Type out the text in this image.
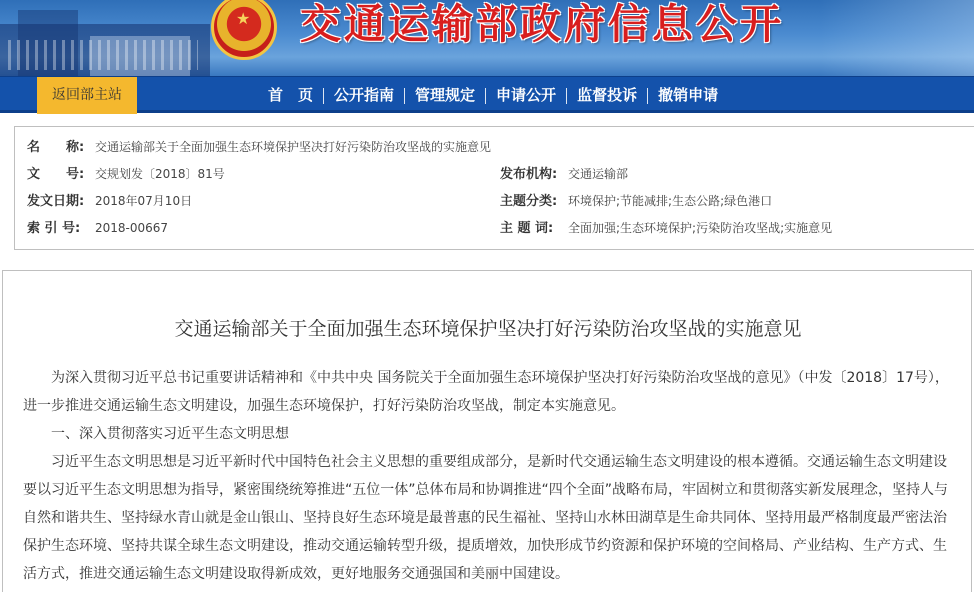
★ 交通运输部政府信息公开
返回部主站	首　页	公开指南	管理规定	申请公开	监督投诉	撤销申请
名　　称: 交通运输部关于全面加强生态环境保护坚决打好污染防治攻坚战的实施意见
文　　号: 交规划发〔2018〕81号	发布机构: 交通运输部
发文日期: 2018年07月10日	主题分类: 环境保护;节能减排;生态公路;绿色港口
索 引 号: 2018-00667	主 题 词: 全面加强;生态环境保护;污染防治攻坚战;实施意见
交通运输部关于全面加强生态环境保护坚决打好污染防治攻坚战的实施意见
为深入贯彻习近平总书记重要讲话精神和《中共中央 国务院关于全面加强生态环境保护坚决打好污染防治攻坚战的意见》（中发〔2018〕17号），进一步推进交通运输生态文明建设，加强生态环境保护，打好污染防治攻坚战，制定本实施意见。
一、深入贯彻落实习近平生态文明思想
习近平生态文明思想是习近平新时代中国特色社会主义思想的重要组成部分，是新时代交通运输生态文明建设的根本遵循。交通运输生态文明建设要以习近平生态文明思想为指导，紧密围绕统筹推进“五位一体”总体布局和协调推进“四个全面”战略布局，牢固树立和贯彻落实新发展理念，坚持人与自然和谐共生、坚持绿水青山就是金山银山、坚持良好生态环境是最普惠的民生福祉、坚持山水林田湖草是生命共同体、坚持用最严格制度最严密法治保护生态环境、坚持共谋全球生态文明建设，推动交通运输转型升级，提质增效，加快形成节约资源和保护环境的空间格局、产业结构、生产方式、生活方式，推进交通运输生态文明建设取得新成效，更好地服务交通强国和美丽中国建设。
